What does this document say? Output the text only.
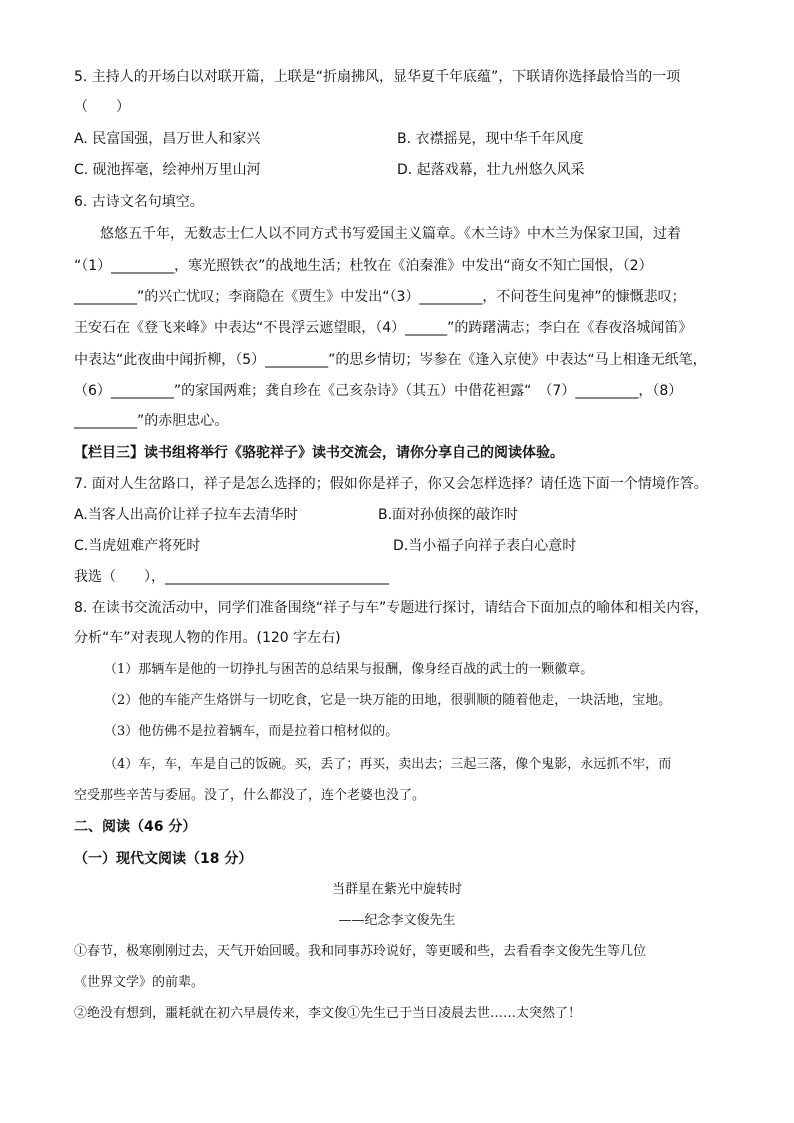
5. 主持人的开场白以对联开篇，上联是“折扇拂风，显华夏千年底蕴”，下联请你选择最恰当的一项
（　　）
A. 民富国强，昌万世人和家兴	B. 衣襟摇晃，现中华千年风度
C. 砚池挥毫，绘神州万里山河	D. 起落戏幕，壮九州悠久风采
6. 古诗文名句填空。
悠悠五千年，无数志士仁人以不同方式书写爱国主义篇章。《木兰诗》中木兰为保家卫国，过着
“（1）_________，寒光照铁衣”的战地生活；杜牧在《泊秦淮》中发出“商女不知亡国恨，（2）
_________”的兴亡忧叹；李商隐在《贾生》中发出“（3）_________，不问苍生问鬼神”的慷慨悲叹；
王安石在《登飞来峰》中表达“不畏浮云遮望眼，（4）______”的踌躇满志；李白在《春夜洛城闻笛》
中表达“此夜曲中闻折柳，（5）_________”的思乡情切；岑参在《逢入京使》中表达“马上相逢无纸笔，
（6）_________”的家国两难；龚自珍在《己亥杂诗》（其五）中借花袒露“　（7）_________，（8）
_________”的赤胆忠心。
【栏目三】读书组将举行《骆驼祥子》读书交流会，请你分享自己的阅读体验。
7. 面对人生岔路口，祥子是怎么选择的；假如你是祥子，你又会怎样选择？请任选下面一个情境作答。
A.当客人出高价让祥子拉车去清华时	B.面对孙侦探的敲诈时
C.当虎妞难产将死时	D.当小福子向祥子表白心意时
我选（　　），________________________________
8. 在读书交流活动中，同学们准备围绕“祥子与车”专题进行探讨，请结合下面加点的喻体和相关内容，
分析“车”对表现人物的作用。(120 字左右)
（1）那辆车是他的一切挣扎与困苦的总结果与报酬，像身经百战的武士的一颗徽章。
（2）他的车能产生烙饼与一切吃食，它是一块万能的田地，很驯顺的随着他走，一块活地，宝地。
（3）他仿佛不是拉着辆车，而是拉着口棺材似的。
（4）车，车，车是自己的饭碗。买，丢了；再买，卖出去；三起三落，像个鬼影，永远抓不牢，而
空受那些辛苦与委屈。没了，什么都没了，连个老婆也没了。
二、阅读（46 分）
（一）现代文阅读（18 分）
当群星在紫光中旋转时
——纪念李文俊先生
①春节，极寒刚刚过去，天气开始回暖。我和同事苏玲说好，等更暖和些，去看看李文俊先生等几位
《世界文学》的前辈。
②绝没有想到，噩耗就在初六早晨传来，李文俊①先生已于当日凌晨去世……太突然了！
